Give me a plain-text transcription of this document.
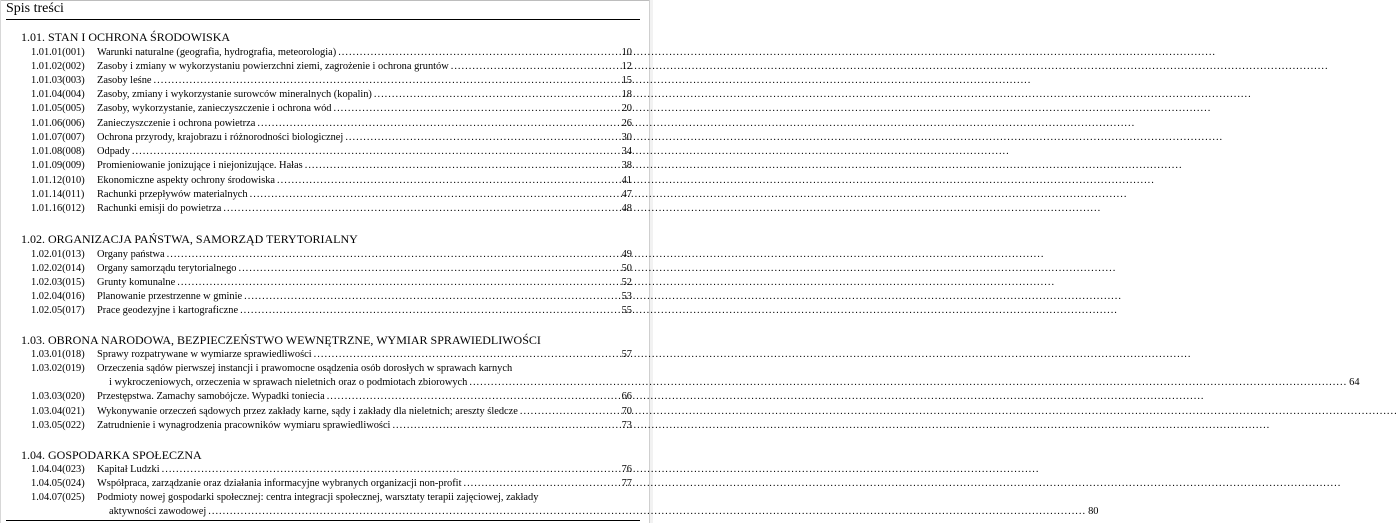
Spis treści
1.01. STAN I OCHRONA ŚRODOWISKA
1.01.01(001)	Warunki naturalne (geografia, hydrografia, meteorologia) .....	10
1.01.02(002)	Zasoby i zmiany w wykorzystaniu powierzchni ziemi, zagrożenie i ochrona gruntów .....	12
1.01.03(003)	Zasoby leśne .....	15
1.01.04(004)	Zasoby, zmiany i wykorzystanie surowców mineralnych (kopalin) .....	18
1.01.05(005)	Zasoby, wykorzystanie, zanieczyszczenie i ochrona wód .....	20
1.01.06(006)	Zanieczyszczenie i ochrona powietrza .....	26
1.01.07(007)	Ochrona przyrody, krajobrazu i różnorodności biologicznej .....	30
1.01.08(008)	Odpady .....	34
1.01.09(009)	Promieniowanie jonizujące i niejonizujące. Hałas .....	38
1.01.12(010)	Ekonomiczne aspekty ochrony środowiska .....	41
1.01.14(011)	Rachunki przepływów materialnych .....	47
1.01.16(012)	Rachunki emisji do powietrza .....	48
1.02. ORGANIZACJA PAŃSTWA, SAMORZĄD TERYTORIALNY
1.02.01(013)	Organy państwa .....	49
1.02.02(014)	Organy samorządu terytorialnego .....	50
1.02.03(015)	Grunty komunalne .....	52
1.02.04(016)	Planowanie przestrzenne w gminie .....	53
1.02.05(017)	Prace geodezyjne i kartograficzne .....	55
1.03. OBRONA NARODOWA, BEZPIECZEŃSTWO WEWNĘTRZNE, WYMIAR SPRAWIEDLIWOŚCI
1.03.01(018)	Sprawy rozpatrywane w wymiarze sprawiedliwości .....	57
1.03.02(019)	Orzeczenia sądów pierwszej instancji i prawomocne osądzenia osób dorosłych w sprawach karnych
i wykroczeniowych, orzeczenia w sprawach nieletnich oraz o podmiotach zbiorowych .....	64
1.03.03(020)	Przestępstwa. Zamachy samobójcze. Wypadki toniecia .....	66
1.03.04(021)	Wykonywanie orzeczeń sądowych przez zakłady karne, sądy i zakłady dla nieletnich; areszty śledcze .....	70
1.03.05(022)	Zatrudnienie i wynagrodzenia pracowników wymiaru sprawiedliwości .....	73
1.04. GOSPODARKA SPOŁECZNA
1.04.04(023)	Kapitał Ludzki .....	76
1.04.05(024)	Współpraca, zarządzanie oraz działania informacyjne wybranych organizacji non-profit .....	77
1.04.07(025)	Podmioty nowej gospodarki społecznej: centra integracji społecznej, warsztaty terapii zajęciowej, zakłady
aktywności zawodowej .....	80
